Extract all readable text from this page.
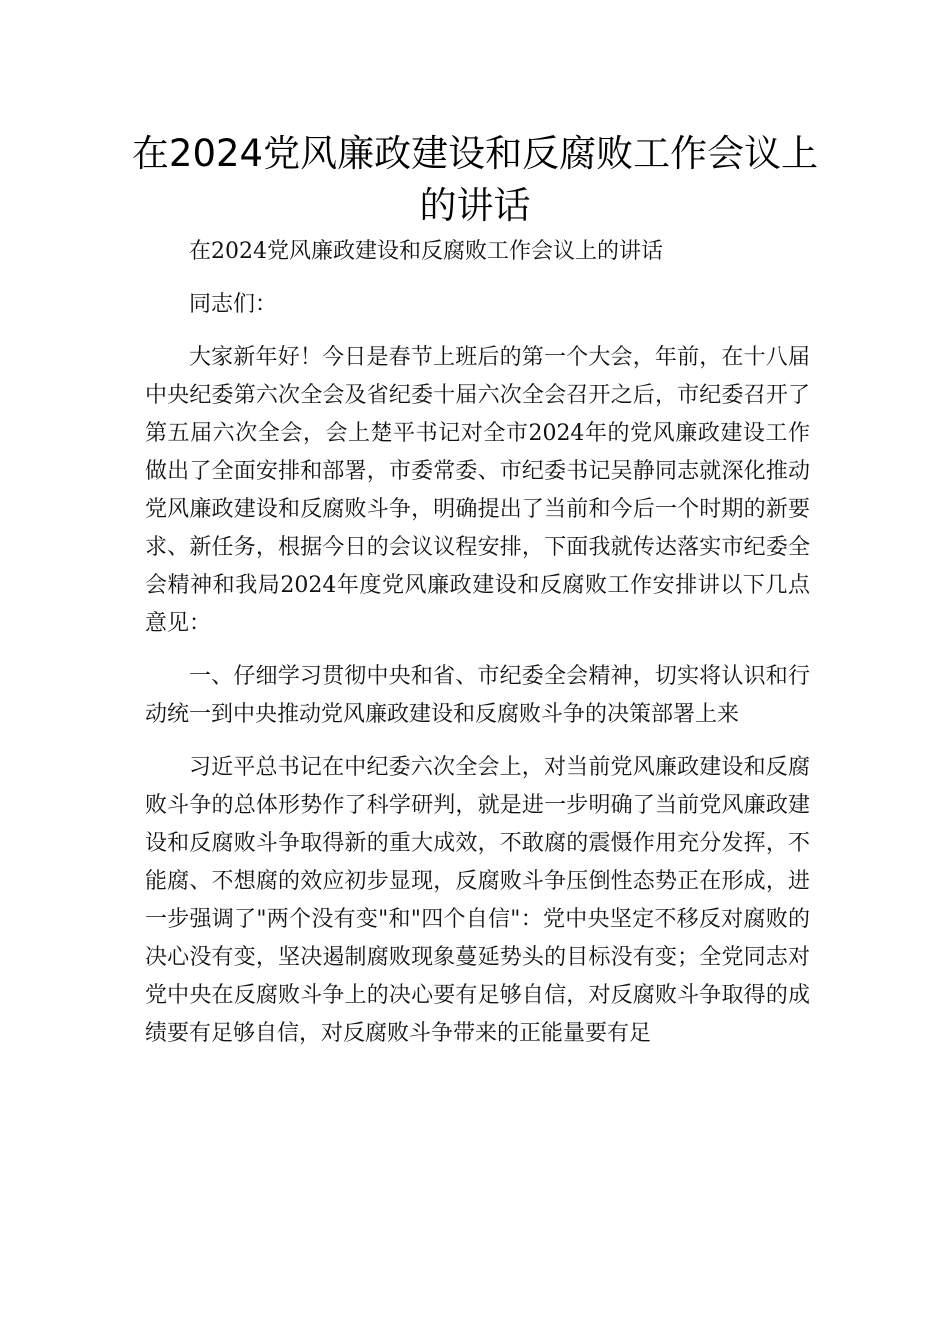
在2024党风廉政建设和反腐败工作会议上的讲话

在2024党风廉政建设和反腐败工作会议上的讲话

同志们：

大家新年好！今日是春节上班后的第一个大会，年前，在十八届中央纪委第六次全会及省纪委十届六次全会召开之后，市纪委召开了第五届六次全会，会上楚平书记对全市2024年的党风廉政建设工作做出了全面安排和部署，市委常委、市纪委书记吴静同志就深化推动党风廉政建设和反腐败斗争，明确提出了当前和今后一个时期的新要求、新任务，根据今日的会议议程安排，下面我就传达落实市纪委全会精神和我局2024年度党风廉政建设和反腐败工作安排讲以下几点意见：

一、仔细学习贯彻中央和省、市纪委全会精神，切实将认识和行动统一到中央推动党风廉政建设和反腐败斗争的决策部署上来

习近平总书记在中纪委六次全会上，对当前党风廉政建设和反腐败斗争的总体形势作了科学研判，就是进一步明确了当前党风廉政建设和反腐败斗争取得新的重大成效，不敢腐的震慑作用充分发挥，不能腐、不想腐的效应初步显现，反腐败斗争压倒性态势正在形成，进一步强调了"两个没有变"和"四个自信"：党中央坚定不移反对腐败的决心没有变，坚决遏制腐败现象蔓延势头的目标没有变；全党同志对党中央在反腐败斗争上的决心要有足够自信，对反腐败斗争取得的成绩要有足够自信，对反腐败斗争带来的正能量要有足
